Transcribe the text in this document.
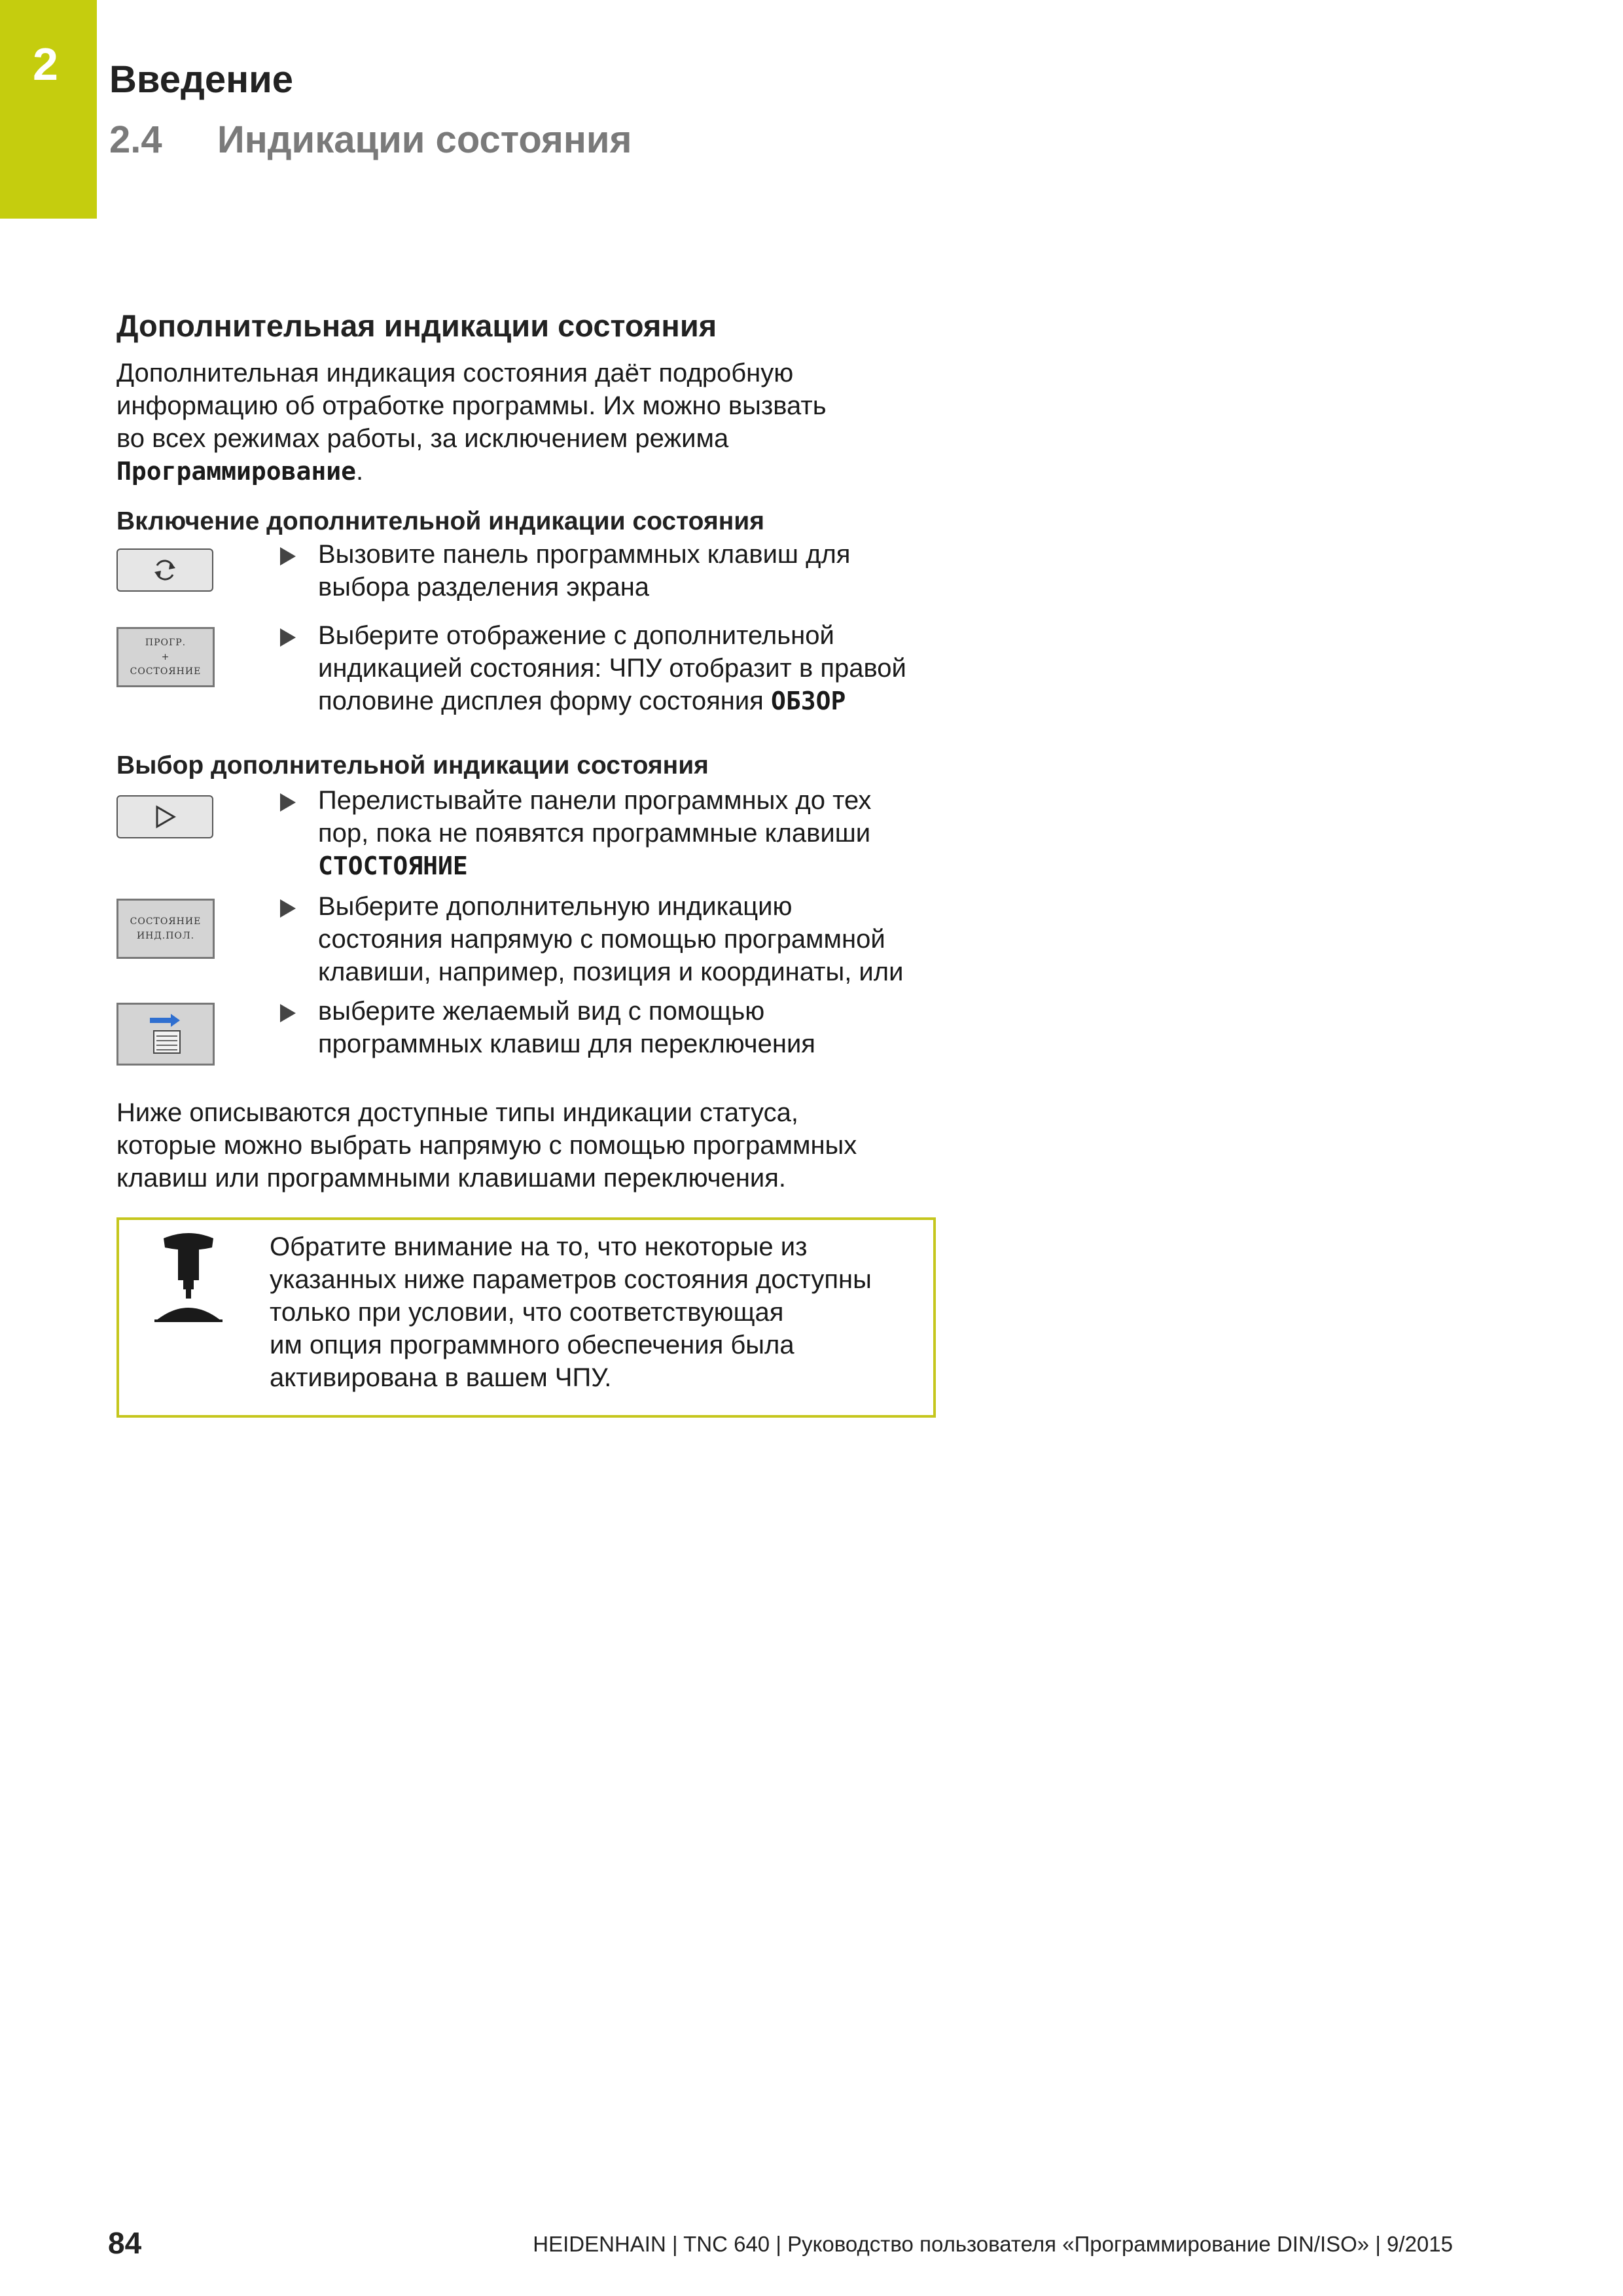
2 Введение
2.4 Индикации состояния
Дополнительная индикации состояния
Дополнительная индикация состояния даёт подробную
информацию об отработке программы. Их можно вызвать
во всех режимах работы, за исключением режима
Программирование.
Включение дополнительной индикации состояния
Вызовите панель программных клавиш для
выбора разделения экрана
ПРОГР.
+
СОСТОЯНИЕ
Выберите отображение с дополнительной
индикацией состояния: ЧПУ отобразит в правой
половине дисплея форму состояния ОБЗОР
Выбор дополнительной индикации состояния
Перелистывайте панели программных до тех
пор, пока не появятся программные клавиши
СТОСТОЯНИЕ
СОСТОЯНИЕ
ИНД.ПОЛ.
Выберите дополнительную индикацию
состояния напрямую с помощью программной
клавиши, например, позиция и координаты, или
выберите желаемый вид с помощью
программных клавиш для переключения
Ниже описываются доступные типы индикации статуса,
которые можно выбрать напрямую с помощью программных
клавиш или программными клавишами переключения.
Обратите внимание на то, что некоторые из
указанных ниже параметров состояния доступны
только при условии, что соответствующая
им опция программного обеспечения была
активирована в вашем ЧПУ.
84	HEIDENHAIN | TNC 640 | Руководство пользователя «Программирование DIN/ISO» | 9/2015
